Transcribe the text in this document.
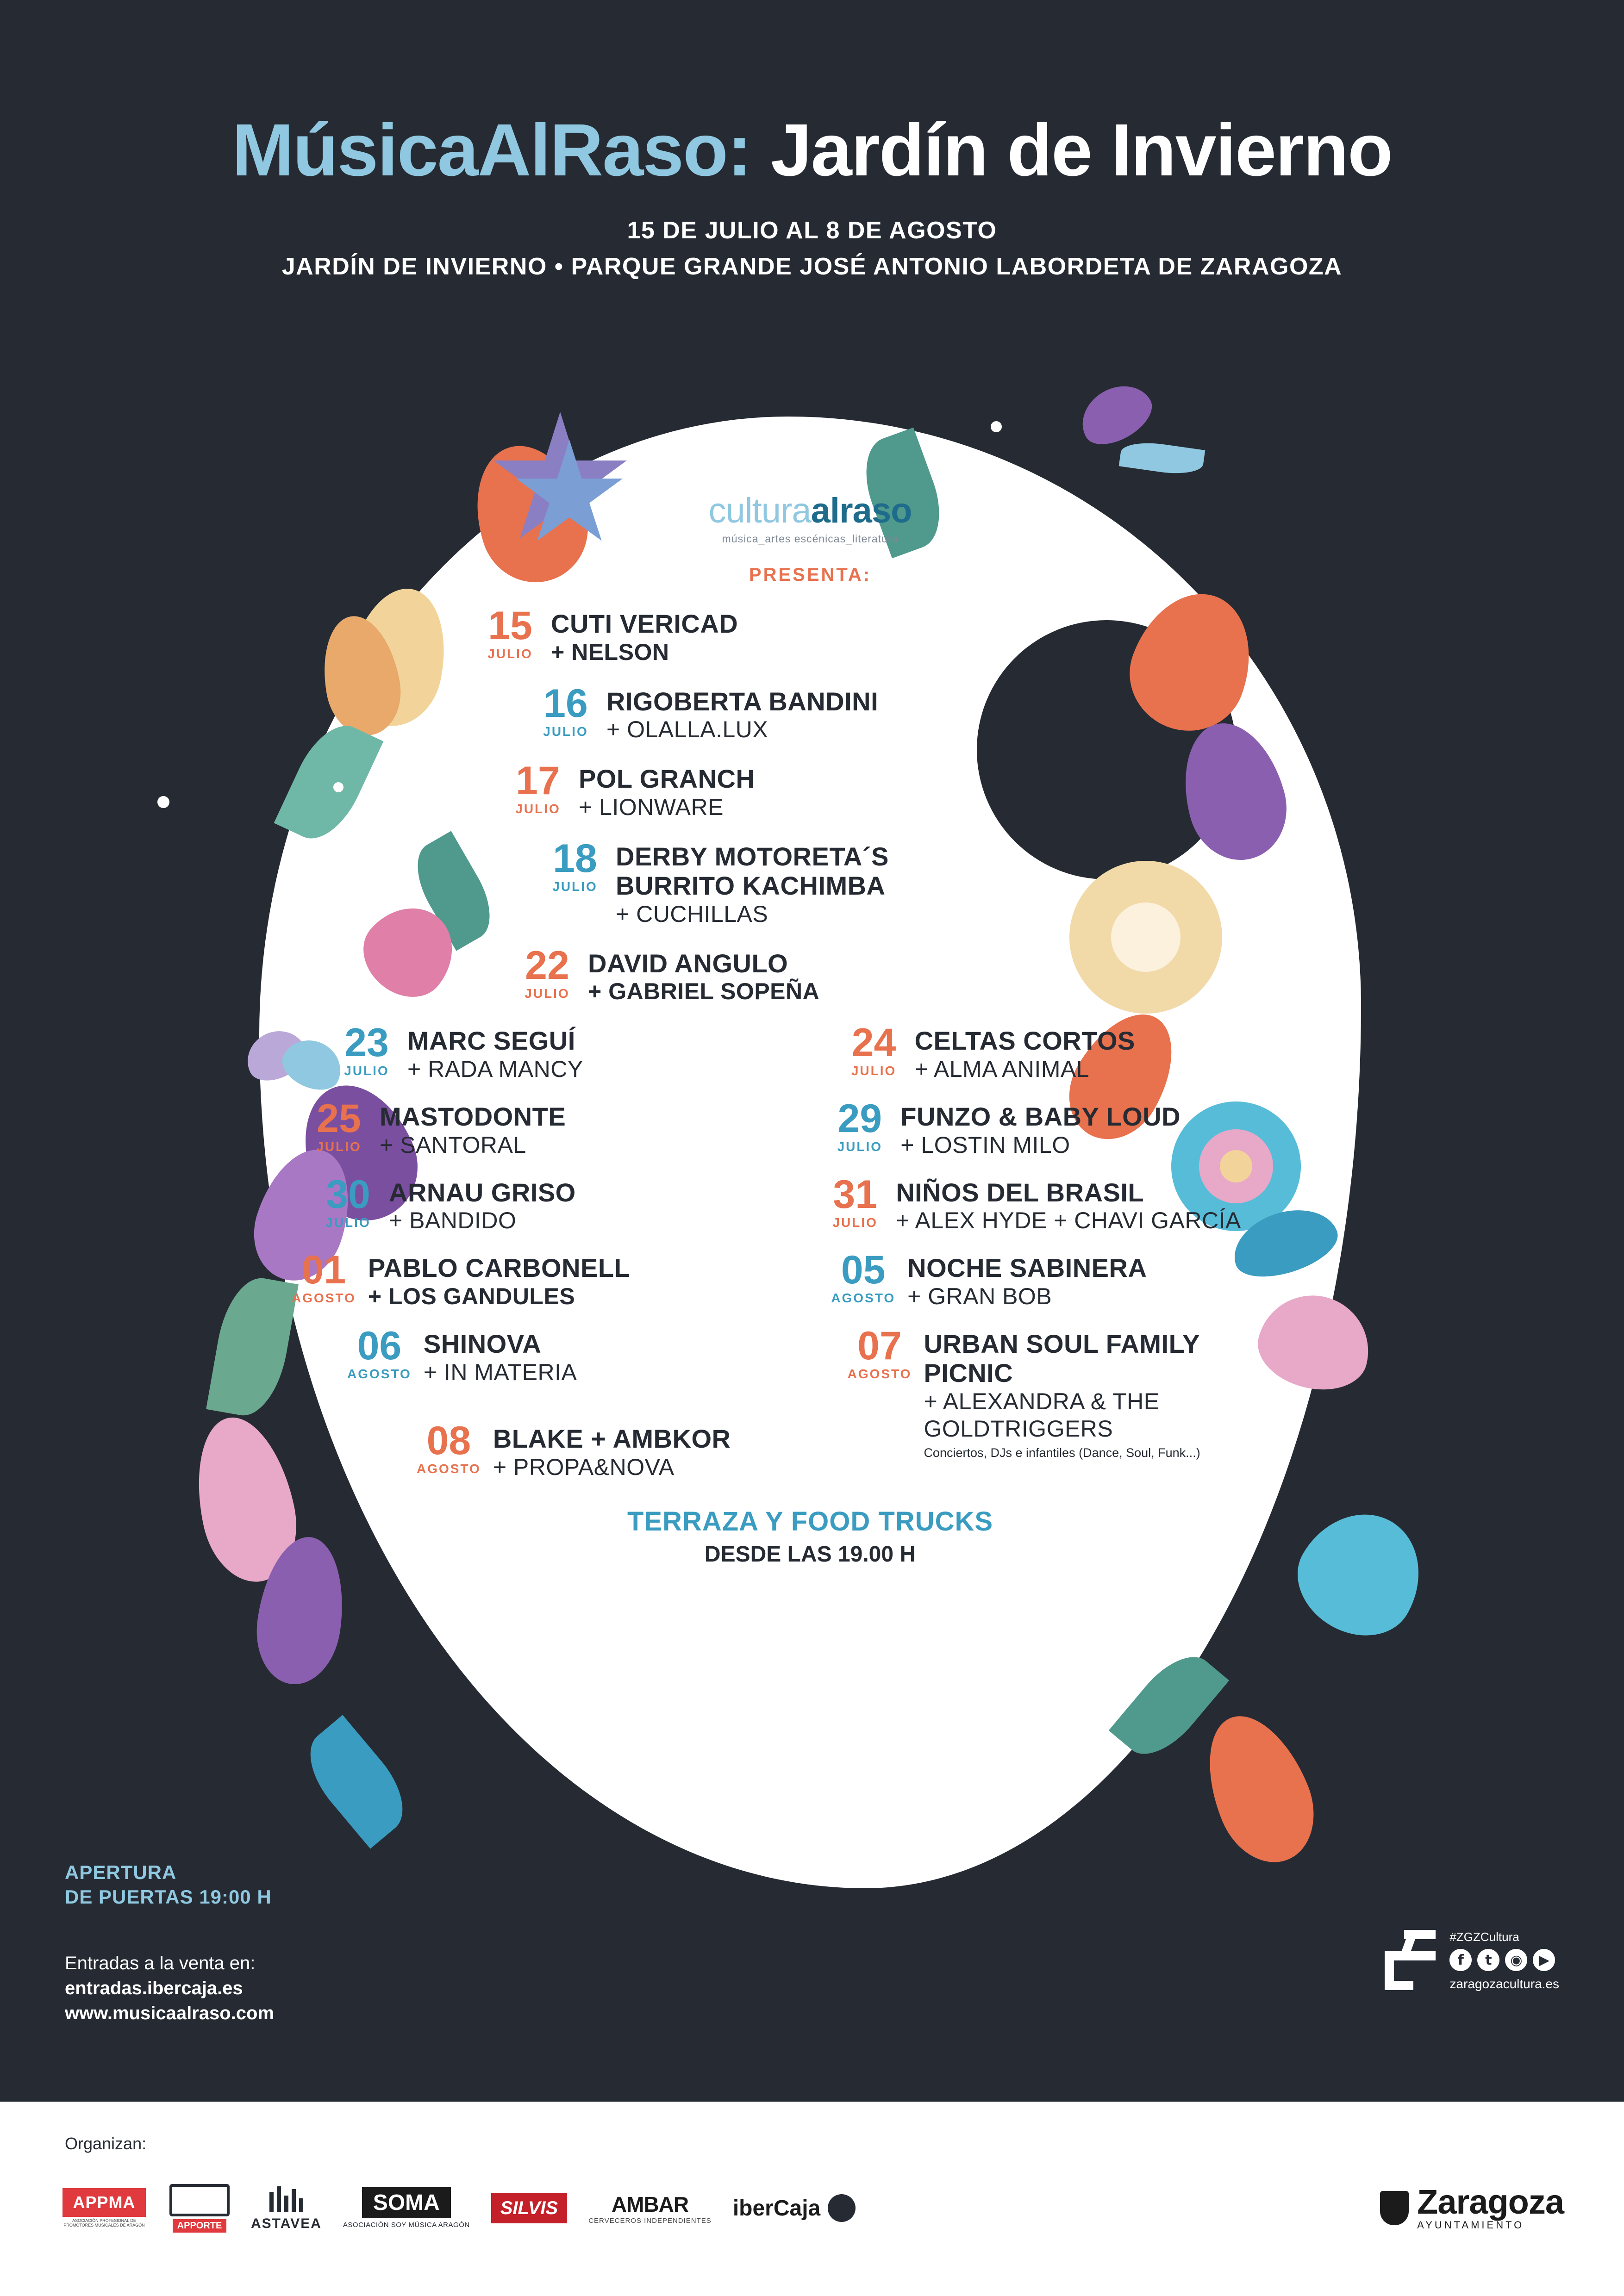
MúsicaAlRaso: Jardín de Invierno
15 DE JULIO AL 8 DE AGOSTO
JARDÍN DE INVIERNO • PARQUE GRANDE JOSÉ ANTONIO LABORDETA DE ZARAGOZA
culturaalraso
música_artes escénicas_literatura
PRESENTA:
15
JULIO
CUTI VERICAD
+ NELSON
16
JULIO
RIGOBERTA BANDINI
+ OLALLA.LUX
17
JULIO
POL GRANCH
+ LIONWARE
18
JULIO
DERBY MOTORETA´S BURRITO KACHIMBA
+ CUCHILLAS
22
JULIO
DAVID ANGULO
+ GABRIEL SOPEÑA
23
JULIO
MARC SEGUÍ
+ RADA MANCY
24
JULIO
CELTAS CORTOS
+ ALMA ANIMAL
25
JULIO
MASTODONTE
+ SANTORAL
29
JULIO
FUNZO & BABY LOUD
+ LOSTIN MILO
30
JULIO
ARNAU GRISO
+ BANDIDO
31
JULIO
NIÑOS DEL BRASIL
+ ALEX HYDE + CHAVI GARCÍA
01
AGOSTO
PABLO CARBONELL
+ LOS GANDULES
05
AGOSTO
NOCHE SABINERA
+ GRAN BOB
06
AGOSTO
SHINOVA
+ IN MATERIA
07
AGOSTO
URBAN SOUL FAMILY PICNIC
+ ALEXANDRA & THE GOLDTRIGGERS
Conciertos, DJs e infantiles (Dance, Soul, Funk...)
08
AGOSTO
BLAKE + AMBKOR
+ PROPA&NOVA
TERRAZA Y FOOD TRUCKS
DESDE LAS 19.00 H
APERTURA
DE PUERTAS 19:00 H
Entradas a la venta en:
entradas.ibercaja.es
www.musicaalraso.com

#ZGZCultura
f	t	◉	▶
zaragozacultura.es
Organizan:
APPMA
ASOCIACIÓN PROFESIONAL DE PROMOTORES MUSICALES DE ARAGÓN	APPORTE	ASTAVEA
SOMA
ASOCIACIÓN SOY MÚSICA ARAGÓN
SILVIS	AMBAR
CERVECEROS INDEPENDIENTES
iberCaja	Zaragoza
AYUNTAMIENTO
